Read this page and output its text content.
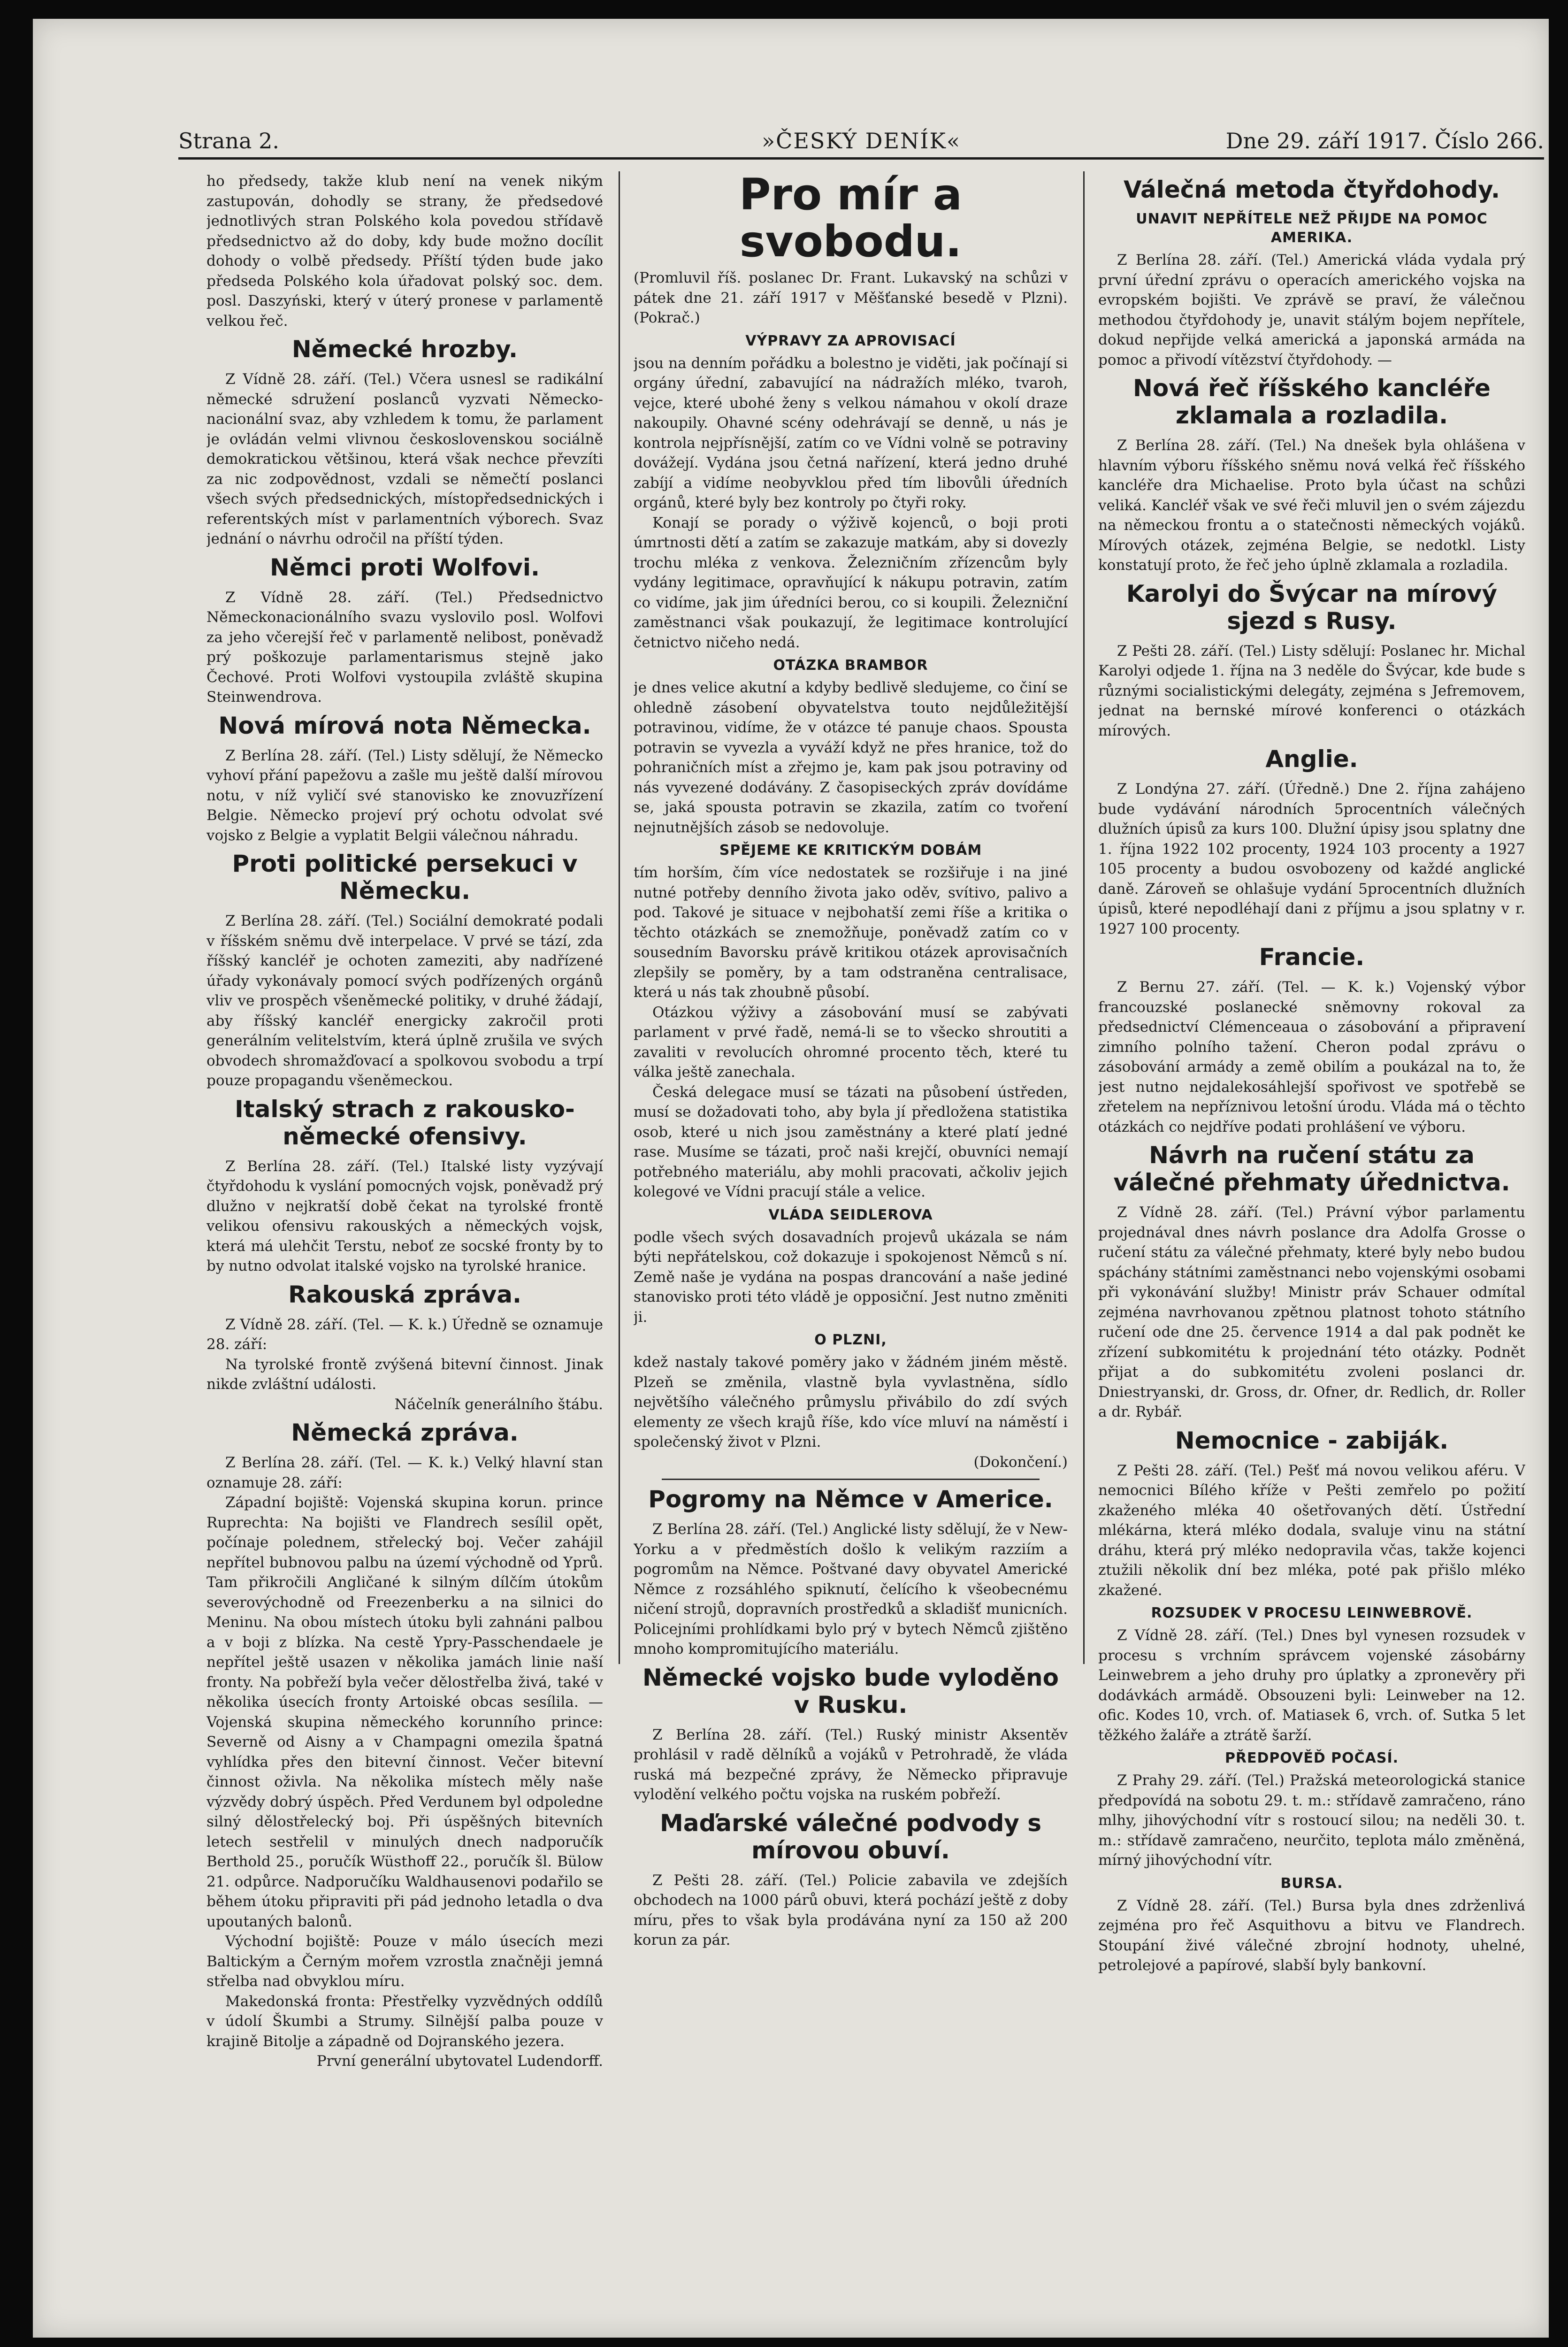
»ČESKÝ DENÍK«
Strana 2.	Dne 29. září 1917. Číslo 266.

ho předsedy, takže klub není na venek nikým zastupován, dohodly se strany, že předsedové jednotlivých stran Polského kola povedou střídavě předsednictvo až do doby, kdy bude možno docílit dohody o volbě předsedy. Příští týden bude jako předseda Polského kola úřadovat polský soc. dem. posl. Daszyński, který v úterý pronese v parlamentě velkou řeč.

Německé hrozby.

Z Vídně 28. září. (Tel.) Včera usnesl se radikální německé sdružení poslanců vyzvati Německo-nacionální svaz, aby vzhledem k tomu, že parlament je ovládán velmi vlivnou československou sociálně demokratickou většinou, která však nechce převzíti za nic zodpovědnost, vzdali se němečtí poslanci všech svých předsednických, místopředsednických i referentských míst v parlamentních výborech. Svaz jednání o návrhu odročil na příští týden.

Němci proti Wolfovi.

Z Vídně 28. září. (Tel.) Předsednictvo Německonacionálního svazu vyslovilo posl. Wolfovi za jeho včerejší řeč v parlamentě nelibost, poněvadž prý poškozuje parlamentarismus stejně jako Čechové. Proti Wolfovi vystoupila zvláště skupina Steinwendrova.

Nová mírová nota Německa.

Z Berlína 28. září. (Tel.) Listy sdělují, že Německo vyhoví přání papežovu a zašle mu ještě další mírovou notu, v níž vyličí své stanovisko ke znovuzřízení Belgie. Německo projeví prý ochotu odvolat své vojsko z Belgie a vyplatit Belgii válečnou náhradu.

Proti politické persekuci v Německu.

Z Berlína 28. září. (Tel.) Sociální demokraté podali v říšském sněmu dvě interpelace. V prvé se tází, zda říšský kancléř je ochoten zameziti, aby nadřízené úřady vykonávaly pomocí svých podřízených orgánů vliv ve prospěch všeněmecké politiky, v druhé žádají, aby říšský kancléř energicky zakročil proti generálním velitelstvím, která úplně zrušila ve svých obvodech shromažďovací a spolkovou svobodu a trpí pouze propagandu všeněmeckou.

Italský strach z rakousko-německé ofensivy.

Z Berlína 28. září. (Tel.) Italské listy vyzývají čtyřdohodu k vyslání pomocných vojsk, poněvadž prý dlužno v nejkratší době čekat na tyrolské frontě velikou ofensivu rakouských a německých vojsk, která má ulehčit Terstu, neboť ze socské fronty by to by nutno odvolat italské vojsko na tyrolské hranice.

Rakouská zpráva.

Z Vídně 28. září. (Tel. — K. k.) Úředně se oznamuje 28. září:

Na tyrolské frontě zvýšená bitevní činnost. Jinak nikde zvláštní události.

Náčelník generálního štábu.

Německá zpráva.

Z Berlína 28. září. (Tel. — K. k.) Velký hlavní stan oznamuje 28. září:

Západní bojiště: Vojenská skupina korun. prince Ruprechta: Na bojišti ve Flandrech sesílil opět, počínaje polednem, střelecký boj. Večer zahájil nepřítel bubnovou palbu na území východně od Yprů. Tam přikročili Angličané k silným dílčím útokům severovýchodně od Freezenberku a na silnici do Meninu. Na obou místech útoku byli zahnáni palbou a v boji z blízka. Na cestě Ypry-Passchendaele je nepřítel ještě usazen v několika jamách linie naší fronty. Na pobřeží byla večer dělostřelba živá, také v několika úsecích fronty Artoiské obcas sesílila. — Vojenská skupina německého korunního prince: Severně od Aisny a v Champagni omezila špatná vyhlídka přes den bitevní činnost. Večer bitevní činnost oživla. Na několika místech měly naše výzvědy dobrý úspěch. Před Verdunem byl odpoledne silný dělostřelecký boj. Při úspěšných bitevních letech sestřelil v minulých dnech nadporučík Berthold 25., poručík Wüsthoff 22., poručík šl. Bülow 21. odpůrce. Nadporučíku Waldhausenovi podařilo se během útoku připraviti při pád jednoho letadla o dva upoutaných balonů.

Východní bojiště: Pouze v málo úsecích mezi Baltickým a Černým mořem vzrostla značněji jemná střelba nad obvyklou míru.

Makedonská fronta: Přestřelky vyzvědných oddílů v údolí Škumbi a Strumy. Silnější palba pouze v krajině Bitolje a západně od Dojranského jezera.

První generální ubytovatel Ludendorff.

Pro mír a svobodu.

(Promluvil říš. poslanec Dr. Frant. Lukavský na schůzi v pátek dne 21. září 1917 v Měšťanské besedě v Plzni). (Pokrač.)

VÝPRAVY ZA APROVISACÍ

jsou na denním pořádku a bolestno je viděti, jak počínají si orgány úřední, zabavující na nádražích mléko, tvaroh, vejce, které ubohé ženy s velkou námahou v okolí draze nakoupily. Ohavné scény odehrávají se denně, u nás je kontrola nejpřísnější, zatím co ve Vídni volně se potraviny dovážejí. Vydána jsou četná nařízení, která jedno druhé zabíjí a vidíme neobyvklou před tím libovůli úředních orgánů, které byly bez kontroly po čtyři roky.

Konají se porady o výživě kojenců, o boji proti úmrtnosti dětí a zatím se zakazuje matkám, aby si dovezly trochu mléka z venkova. Železničním zřízencům byly vydány legitimace, opravňující k nákupu potravin, zatím co vidíme, jak jim úředníci berou, co si koupili. Železniční zaměstnanci však poukazují, že legitimace kontrolující četnictvo ničeho nedá.

OTÁZKA BRAMBOR

je dnes velice akutní a kdyby bedlivě sledujeme, co činí se ohledně zásobení obyvatelstva touto nejdůležitější potravinou, vidíme, že v otázce té panuje chaos. Spousta potravin se vyvezla a vyváží když ne přes hranice, tož do pohraničních míst a zřejmo je, kam pak jsou potraviny od nás vyvezené dodávány. Z časopiseckých zpráv dovídáme se, jaká spousta potravin se zkazila, zatím co tvoření nejnutnějších zásob se nedovoluje.

SPĚJEME KE KRITICKÝM DOBÁM

tím horším, čím více nedostatek se rozšiřuje i na jiné nutné potřeby denního života jako oděv, svítivo, palivo a pod. Takové je situace v nejbohatší zemi říše a kritika o těchto otázkách se znemožňuje, poněvadž zatím co v sousedním Bavorsku právě kritikou otázek aprovisačních zlepšily se poměry, by a tam odstraněna centralisace, která u nás tak zhoubně působí.

Otázkou výživy a zásobování musí se zabývati parlament v prvé řadě, nemá-li se to všecko shroutiti a zavaliti v revolucích ohromné procento těch, které tu válka ještě zanechala.

Česká delegace musí se tázati na působení ústředen, musí se dožadovati toho, aby byla jí předložena statistika osob, které u nich jsou zaměstnány a které platí jedné rase. Musíme se tázati, proč naši krejčí, obuvníci nemají potřebného materiálu, aby mohli pracovati, ačkoliv jejich kolegové ve Vídni pracují stále a velice.

VLÁDA SEIDLEROVA

podle všech svých dosavadních projevů ukázala se nám býti nepřátelskou, což dokazuje i spokojenost Němců s ní. Země naše je vydána na pospas drancování a naše jediné stanovisko proti této vládě je opposiční. Jest nutno změniti ji.

O PLZNI,

kdež nastaly takové poměry jako v žádném jiném městě. Plzeň se změnila, vlastně byla vyvlastněna, sídlo největšího válečného průmyslu přivábilo do zdí svých elementy ze všech krajů říše, kdo více mluví na náměstí i společenský život v Plzni.

(Dokončení.)

Pogromy na Němce v Americe.

Z Berlína 28. září. (Tel.) Anglické listy sdělují, že v New-Yorku a v předměstích došlo k velikým razziím a pogromům na Němce. Poštvané davy obyvatel Americké Němce z rozsáhlého spiknutí, čelícího k všeobecnému ničení strojů, dopravních prostředků a skladišť municních. Policejními prohlídkami bylo prý v bytech Němců zjištěno mnoho kompromitujícího materiálu.

Německé vojsko bude vyloděno v Rusku.

Z Berlína 28. září. (Tel.) Ruský ministr Aksentěv prohlásil v radě dělníků a vojáků v Petrohradě, že vláda ruská má bezpečné zprávy, že Německo připravuje vylodění velkého počtu vojska na ruském pobřeží.

Maďarské válečné podvody s mírovou obuví.

Z Pešti 28. září. (Tel.) Policie zabavila ve zdejších obchodech na 1000 párů obuvi, která pochází ještě z doby míru, přes to však byla prodávána nyní za 150 až 200 korun za pár.

Válečná metoda čtyřdohody.
UNAVIT NEPŘÍTELE NEŽ PŘIJDE NA POMOC AMERIKA.

Z Berlína 28. září. (Tel.) Americká vláda vydala prý první úřední zprávu o operacích amerického vojska na evropském bojišti. Ve zprávě se praví, že válečnou methodou čtyřdohody je, unavit stálým bojem nepřítele, dokud nepřijde velká americká a japonská armáda na pomoc a přivodí vítězství čtyřdohody. —

Nová řeč říšského kancléře zklamala a rozladila.

Z Berlína 28. září. (Tel.) Na dnešek byla ohlášena v hlavním výboru říšského sněmu nová velká řeč říšského kancléře dra Michaelise. Proto byla účast na schůzi veliká. Kancléř však ve své řeči mluvil jen o svém zájezdu na německou frontu a o statečnosti německých vojáků. Mírových otázek, zejména Belgie, se nedotkl. Listy konstatují proto, že řeč jeho úplně zklamala a rozladila.

Karolyi do Švýcar na mírový sjezd s Rusy.

Z Pešti 28. září. (Tel.) Listy sdělují: Poslanec hr. Michal Karolyi odjede 1. října na 3 neděle do Švýcar, kde bude s různými socialistickými delegáty, zejména s Jefremovem, jednat na bernské mírové konferenci o otázkách mírových.

Anglie.

Z Londýna 27. září. (Úředně.) Dne 2. října zahájeno bude vydávání národních 5procentních válečných dlužních úpisů za kurs 100. Dlužní úpisy jsou splatny dne 1. října 1922 102 procenty, 1924 103 procenty a 1927 105 procenty a budou osvobozeny od každé anglické daně. Zároveň se ohlašuje vydání 5procentních dlužních úpisů, které nepodléhají dani z příjmu a jsou splatny v r. 1927 100 procenty.

Francie.

Z Bernu 27. září. (Tel. — K. k.) Vojenský výbor francouzské poslanecké sněmovny rokoval za předsednictví Clémenceaua o zásobování a připravení zimního polního tažení. Cheron podal zprávu o zásobování armády a země obilím a poukázal na to, že jest nutno nejdalekosáhlejší spořivost ve spotřebě se zřetelem na nepříznivou letošní úrodu. Vláda má o těchto otázkách co nejdříve podati prohlášení ve výboru.

Návrh na ručení státu za válečné přehmaty úřednictva.

Z Vídně 28. září. (Tel.) Právní výbor parlamentu projednával dnes návrh poslance dra Adolfa Grosse o ručení státu za válečné přehmaty, které byly nebo budou spáchány státními zaměstnanci nebo vojenskými osobami při vykonávání služby! Ministr práv Schauer odmítal zejména navrhovanou zpětnou platnost tohoto státního ručení ode dne 25. července 1914 a dal pak podnět ke zřízení subkomitétu k projednání této otázky. Podnět přijat a do subkomitétu zvoleni poslanci dr. Dniestryanski, dr. Gross, dr. Ofner, dr. Redlich, dr. Roller a dr. Rybář.

Nemocnice - zabiják.

Z Pešti 28. září. (Tel.) Pešť má novou velikou aféru. V nemocnici Bílého kříže v Pešti zemřelo po požití zkaženého mléka 40 ošetřovaných dětí. Ústřední mlékárna, která mléko dodala, svaluje vinu na státní dráhu, která prý mléko nedopravila včas, takže kojenci ztužili několik dní bez mléka, poté pak přišlo mléko zkažené.

ROZSUDEK V PROCESU LEINWEBROVĚ.

Z Vídně 28. září. (Tel.) Dnes byl vynesen rozsudek v procesu s vrchním správcem vojenské zásobárny Leinwebrem a jeho druhy pro úplatky a zpronevěry při dodávkách armádě. Obsouzeni byli: Leinweber na 12. ofic. Kodes 10, vrch. of. Matiasek 6, vrch. of. Sutka 5 let těžkého žaláře a ztrátě šarží.

PŘEDPOVĚĎ POČASÍ.

Z Prahy 29. září. (Tel.) Pražská meteorologická stanice předpovídá na sobotu 29. t. m.: střídavě zamračeno, ráno mlhy, jihovýchodní vítr s rostoucí silou; na neděli 30. t. m.: střídavě zamračeno, neurčito, teplota málo změněná, mírný jihovýchodní vítr.

BURSA.

Z Vídně 28. září. (Tel.) Bursa byla dnes zdrženlivá zejména pro řeč Asquithovu a bitvu ve Flandrech. Stoupání živé válečné zbrojní hodnoty, uhelné, petrolejové a papírové, slabší byly bankovní.
